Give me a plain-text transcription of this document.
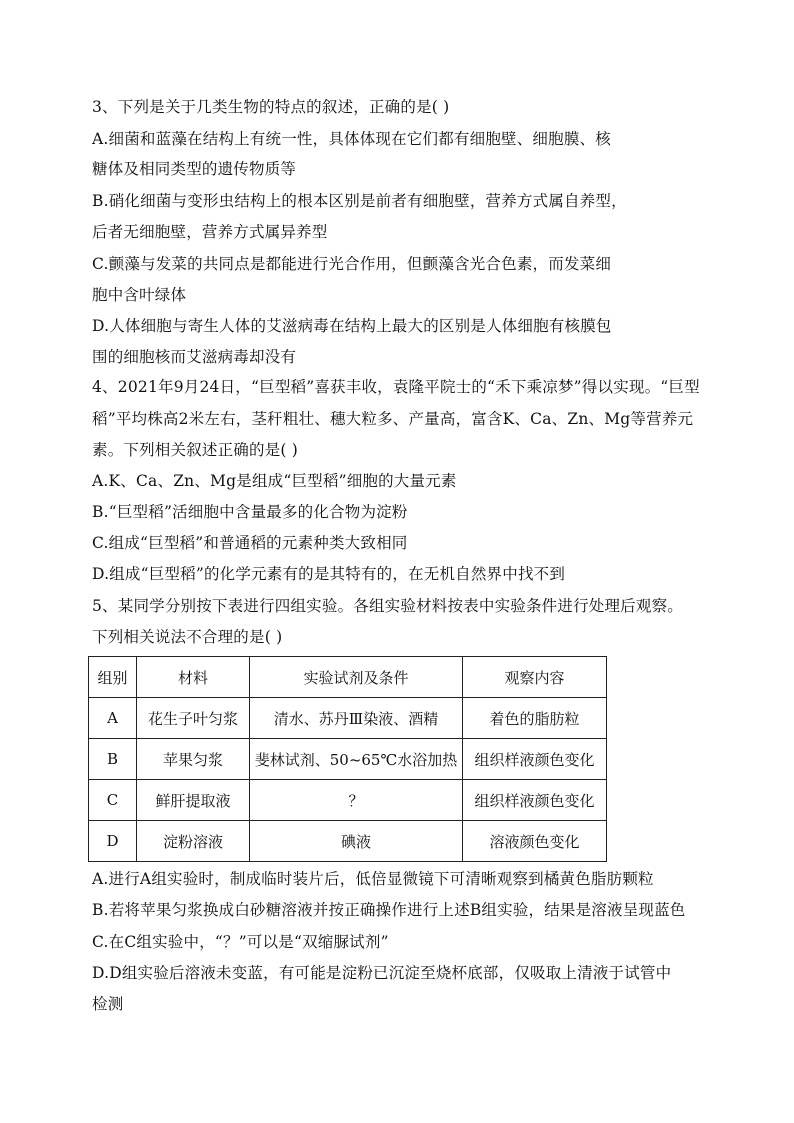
3、下列是关于几类生物的特点的叙述，正确的是( )
A.细菌和蓝藻在结构上有统一性，具体体现在它们都有细胞壁、细胞膜、核
糖体及相同类型的遗传物质等
B.硝化细菌与变形虫结构上的根本区别是前者有细胞壁，营养方式属自养型，
后者无细胞壁，营养方式属异养型
C.颤藻与发菜的共同点是都能进行光合作用，但颤藻含光合色素，而发菜细
胞中含叶绿体
D.人体细胞与寄生人体的艾滋病毒在结构上最大的区别是人体细胞有核膜包
围的细胞核而艾滋病毒却没有
4、2021年9月24日，“巨型稻”喜获丰收，袁隆平院士的“禾下乘凉梦”得以实现。“巨型
稻”平均株高2米左右，茎秆粗壮、穗大粒多、产量高，富含K、Ca、Zn、Mg等营养元
素。下列相关叙述正确的是( )
A.K、Ca、Zn、Mg是组成“巨型稻”细胞的大量元素
B.“巨型稻”活细胞中含量最多的化合物为淀粉
C.组成“巨型稻”和普通稻的元素种类大致相同
D.组成“巨型稻”的化学元素有的是其特有的，在无机自然界中找不到
5、某同学分别按下表进行四组实验。各组实验材料按表中实验条件进行处理后观察。
下列相关说法不合理的是( )
组别	材料	实验试剂及条件	观察内容
A	花生子叶匀浆	清水、苏丹Ⅲ染液、酒精	着色的脂肪粒
B	苹果匀浆	斐林试剂、50~65℃水浴加热	组织样液颜色变化
C	鲜肝提取液	？	组织样液颜色变化
D	淀粉溶液	碘液	溶液颜色变化
A.进行A组实验时，制成临时装片后，低倍显微镜下可清晰观察到橘黄色脂肪颗粒
B.若将苹果匀浆换成白砂糖溶液并按正确操作进行上述B组实验，结果是溶液呈现蓝色
C.在C组实验中，“？”可以是“双缩脲试剂”
D.D组实验后溶液未变蓝，有可能是淀粉已沉淀至烧杯底部，仅吸取上清液于试管中
检测
